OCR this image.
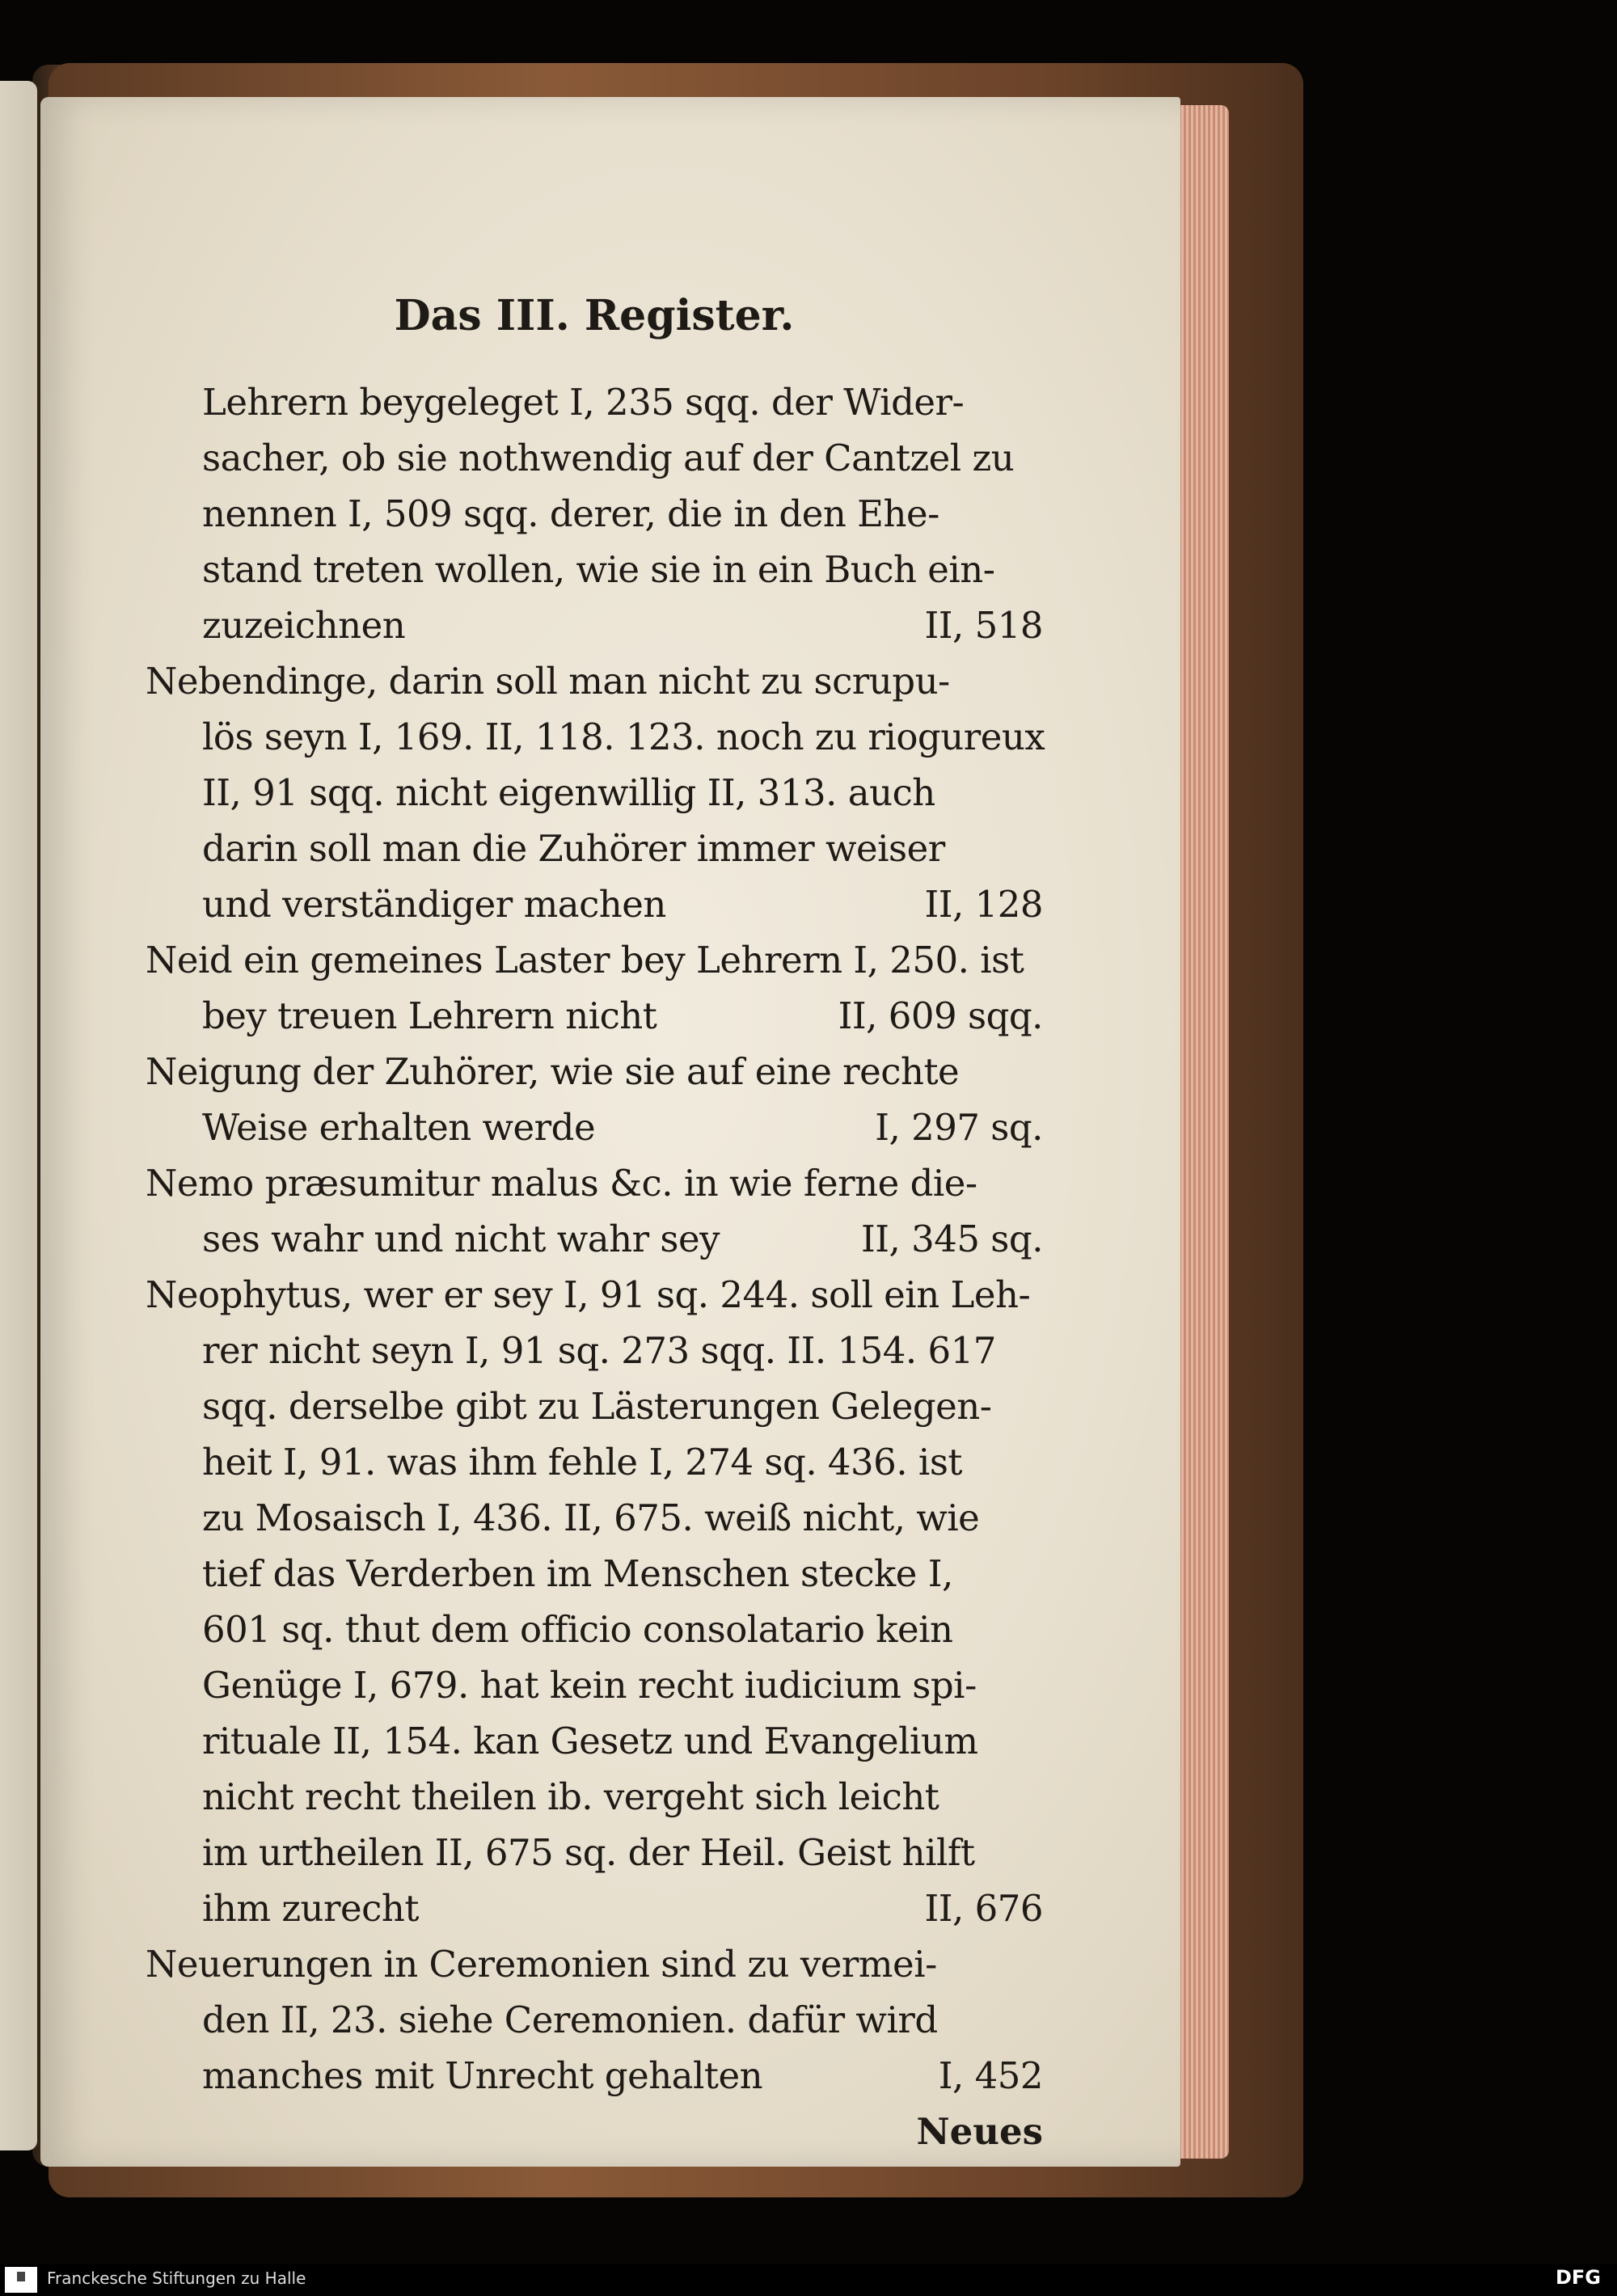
Das III. Register.
Lehrern beygeleget I, 235 sqq. der Wider-
sacher, ob sie nothwendig auf der Cantzel zu
nennen I, 509 sqq. derer, die in den Ehe-
stand treten wollen, wie sie in ein Buch ein-
zuzeichnen	II, 518
Nebendinge, darin soll man nicht zu scrupu-
lös seyn I, 169. II, 118. 123. noch zu riogureux
II, 91 sqq. nicht eigenwillig II, 313. auch
darin soll man die Zuhörer immer weiser
und verständiger machen	II, 128
Neid ein gemeines Laster bey Lehrern I, 250. ist
bey treuen Lehrern nicht	II, 609 sqq.
Neigung der Zuhörer, wie sie auf eine rechte
Weise erhalten werde	I, 297 sq.
Nemo præsumitur malus &c. in wie ferne die-
ses wahr und nicht wahr sey	II, 345 sq.
Neophytus, wer er sey I, 91 sq. 244. soll ein Leh-
rer nicht seyn I, 91 sq. 273 sqq. II. 154. 617
sqq. derselbe gibt zu Lästerungen Gelegen-
heit I, 91. was ihm fehle I, 274 sq. 436. ist
zu Mosaisch I, 436. II, 675. weiß nicht, wie
tief das Verderben im Menschen stecke I,
601 sq. thut dem officio consolatario kein
Genüge I, 679. hat kein recht iudicium spi-
rituale II, 154. kan Gesetz und Evangelium
nicht recht theilen ib. vergeht sich leicht
im urtheilen II, 675 sq. der Heil. Geist hilft
ihm zurecht	II, 676
Neuerungen in Ceremonien sind zu vermei-
den II, 23. siehe Ceremonien. dafür wird
manches mit Unrecht gehalten	I, 452
Neues
Franckesche Stiftungen zu Halle	DFG
